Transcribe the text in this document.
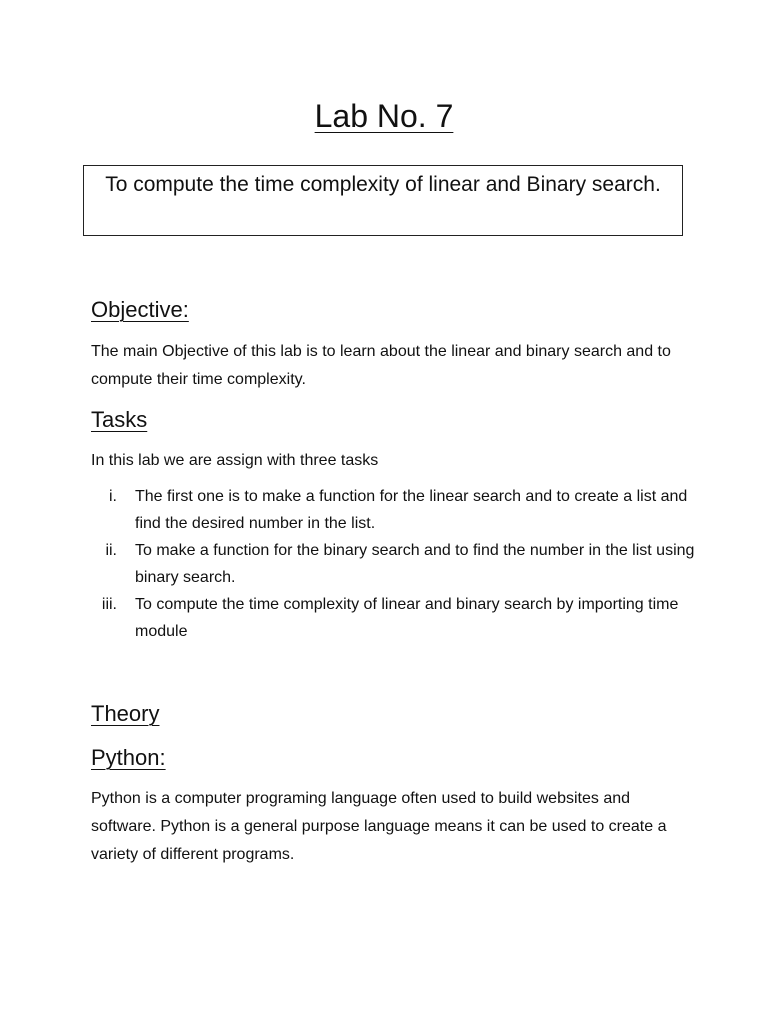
Lab No. 7
To compute the time complexity of linear and Binary search.
Objective:
The main Objective of this lab is to learn about the linear and binary search and to compute their time complexity.
Tasks
In this lab we are assign with three tasks
i. The first one is to make a function for the linear search and to create a list and find the desired number in the list.
ii. To make a function for the binary search and to find the number in the list using binary search.
iii. To compute the time complexity of linear and binary search by importing time module
Theory
Python:
Python is a computer programing language often used to build websites and software. Python is a general purpose language means it can be used to create a variety of different programs.
